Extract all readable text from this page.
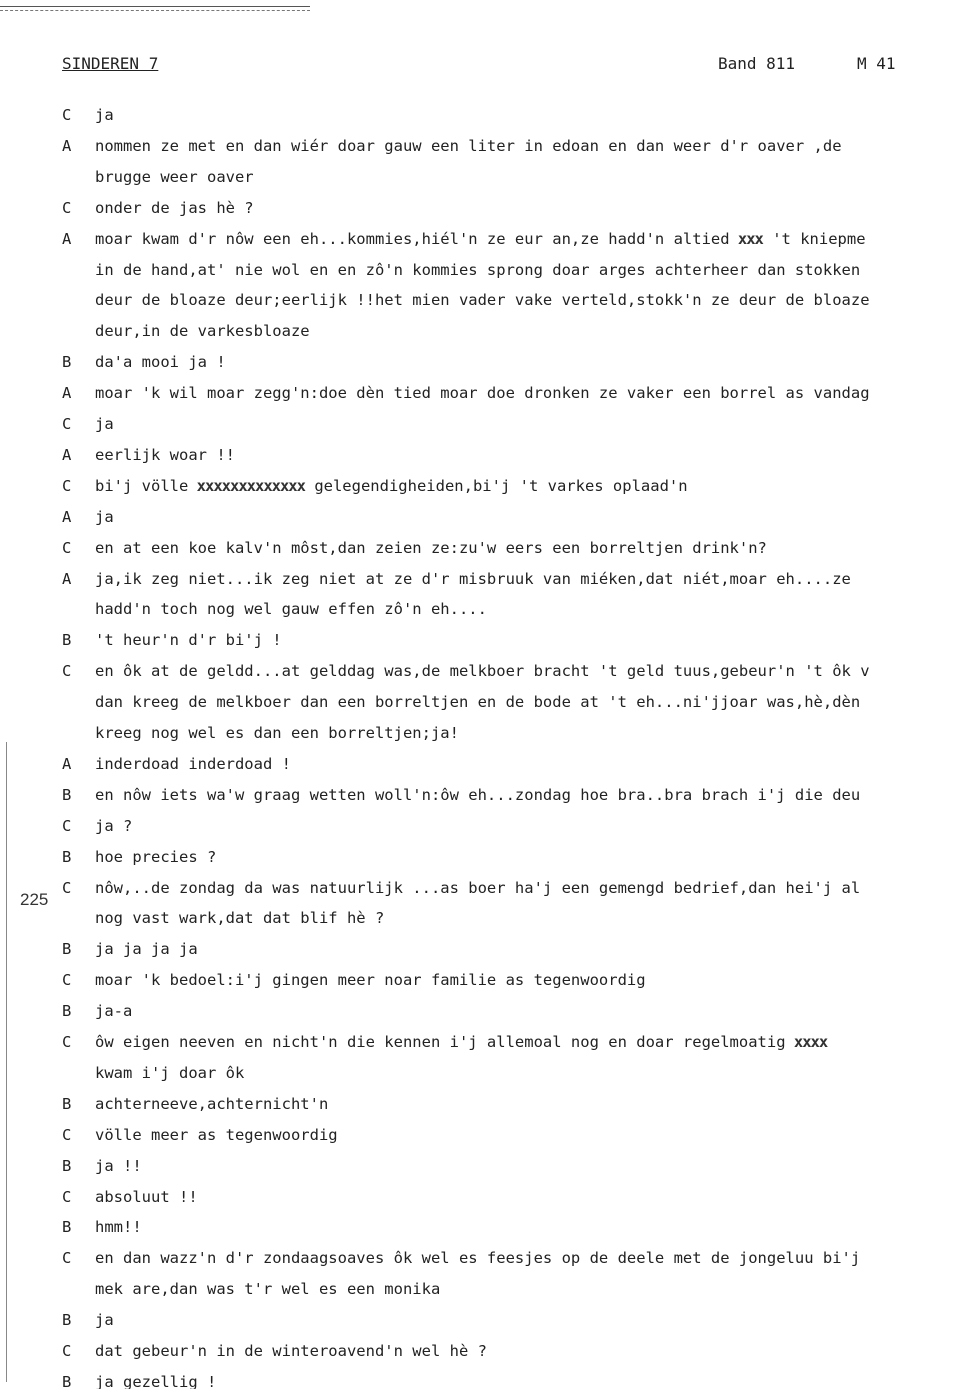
SINDEREN 7	Band 811	M 41
225
C ja
A nommen ze met en dan wiér doar gauw een liter in edoan en dan weer d'r oaver ,de
brugge weer oaver
C onder de jas hè ?
A moar kwam d'r nôw een eh...kommies,hiél'n ze eur an,ze hadd'n altied xxx 't kniepme
in de hand,at' nie wol en en zô'n kommies sprong doar arges achterheer dan stokken
deur de bloaze deur;eerlijk !!het mien vader vake verteld,stokk'n ze deur de bloaze
deur,in de varkesbloaze
B da'a mooi ja !
A moar 'k wil moar zegg'n:doe dèn tied moar doe dronken ze vaker een borrel as vandag
C ja
A eerlijk woar !!
C bi'j völle xxxxxxxxxxxxx gelegendigheiden,bi'j 't varkes oplaad'n
A ja
C en at een koe kalv'n môst,dan zeien ze:zu'w eers een borreltjen drink'n?
A ja,ik zeg niet...ik zeg niet at ze d'r misbruuk van miéken,dat niét,moar eh....ze
hadd'n toch nog wel gauw effen zô'n eh....
B 't heur'n d'r bi'j !
C en ôk at de geldd...at gelddag was,de melkboer bracht 't geld tuus,gebeur'n 't ôk v
dan kreeg de melkboer dan een borreltjen en de bode at 't eh...ni'jjoar was,hè,dèn
kreeg nog wel es dan een borreltjen;ja!
A inderdoad inderdoad !
B en nôw iets wa'w graag wetten woll'n:ôw eh...zondag hoe bra..bra brach i'j die deu
C ja ?
B hoe precies ?
C nôw,..de zondag da was natuurlijk ...as boer ha'j een gemengd bedrief,dan hei'j al
nog vast wark,dat dat blif hè ?
B ja ja ja ja
C moar 'k bedoel:i'j gingen meer noar familie as tegenwoordig
B ja-a
C ôw eigen neeven en nicht'n die kennen i'j allemoal nog en doar regelmoatig xxxx
kwam i'j doar ôk
B achterneeve,achternicht'n
C völle meer as tegenwoordig
B ja !!
C absoluut !!
B hmm!!
C en dan wazz'n d'r zondaagsoaves ôk wel es feesjes op de deele met de jongeluu bi'j
mek are,dan was t'r wel es een monika
B ja
C dat gebeur'n in de winteroavend'n wel hè ?
B ja gezellig !
